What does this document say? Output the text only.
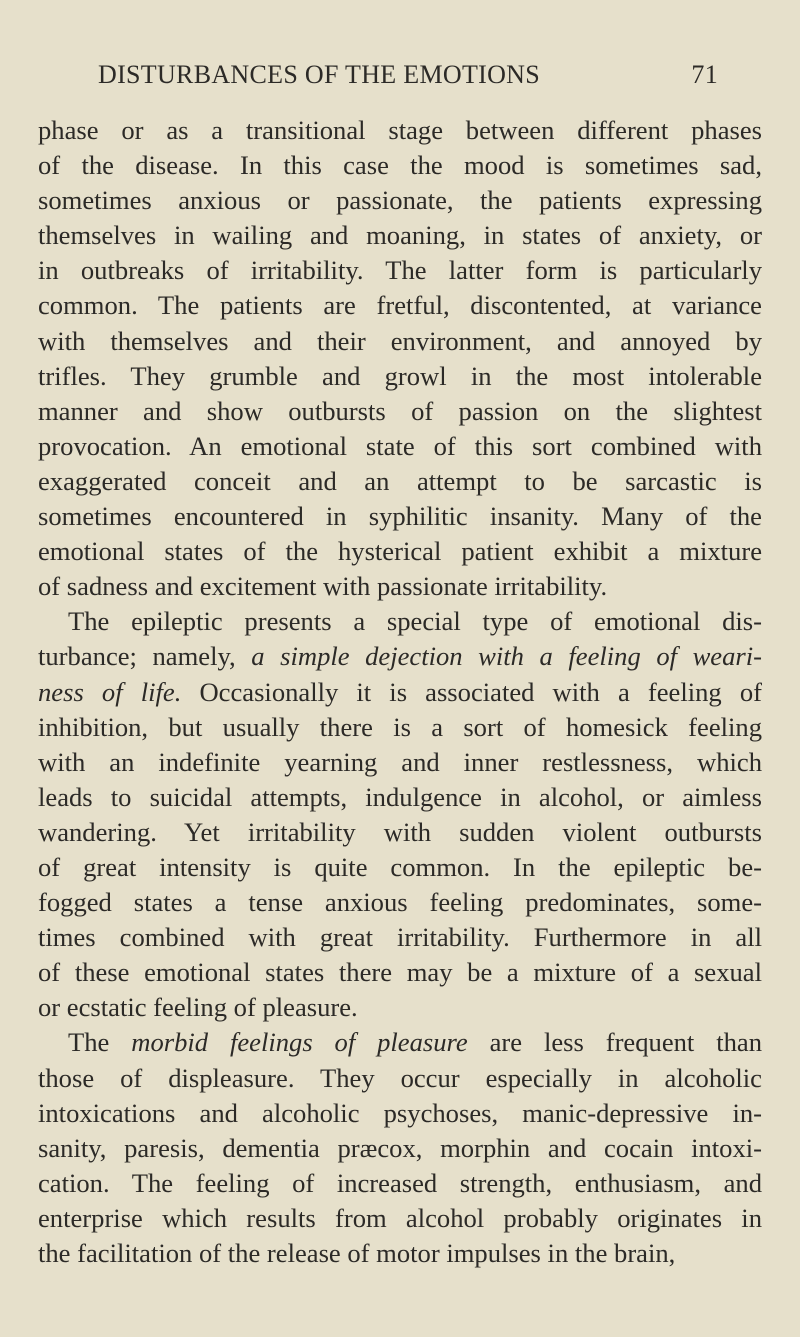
DISTURBANCES OF THE EMOTIONS	71
phase or as a transitional stage between different phases
of the disease. In this case the mood is sometimes sad,
sometimes anxious or passionate, the patients expressing
themselves in wailing and moaning, in states of anxiety, or
in outbreaks of irritability. The latter form is particularly
common. The patients are fretful, discontented, at variance
with themselves and their environment, and annoyed by
trifles. They grumble and growl in the most intolerable
manner and show outbursts of passion on the slightest
provocation. An emotional state of this sort combined with
exaggerated conceit and an attempt to be sarcastic is
sometimes encountered in syphilitic insanity. Many of the
emotional states of the hysterical patient exhibit a mixture
of sadness and excitement with passionate irritability.
The epileptic presents a special type of emotional dis-
turbance; namely, a simple dejection with a feeling of weari-
ness of life. Occasionally it is associated with a feeling of
inhibition, but usually there is a sort of homesick feeling
with an indefinite yearning and inner restlessness, which
leads to suicidal attempts, indulgence in alcohol, or aimless
wandering. Yet irritability with sudden violent outbursts
of great intensity is quite common. In the epileptic be-
fogged states a tense anxious feeling predominates, some-
times combined with great irritability. Furthermore in all
of these emotional states there may be a mixture of a sexual
or ecstatic feeling of pleasure.
The morbid feelings of pleasure are less frequent than
those of displeasure. They occur especially in alcoholic
intoxications and alcoholic psychoses, manic-depressive in-
sanity, paresis, dementia præcox, morphin and cocain intoxi-
cation. The feeling of increased strength, enthusiasm, and
enterprise which results from alcohol probably originates in
the facilitation of the release of motor impulses in the brain,
